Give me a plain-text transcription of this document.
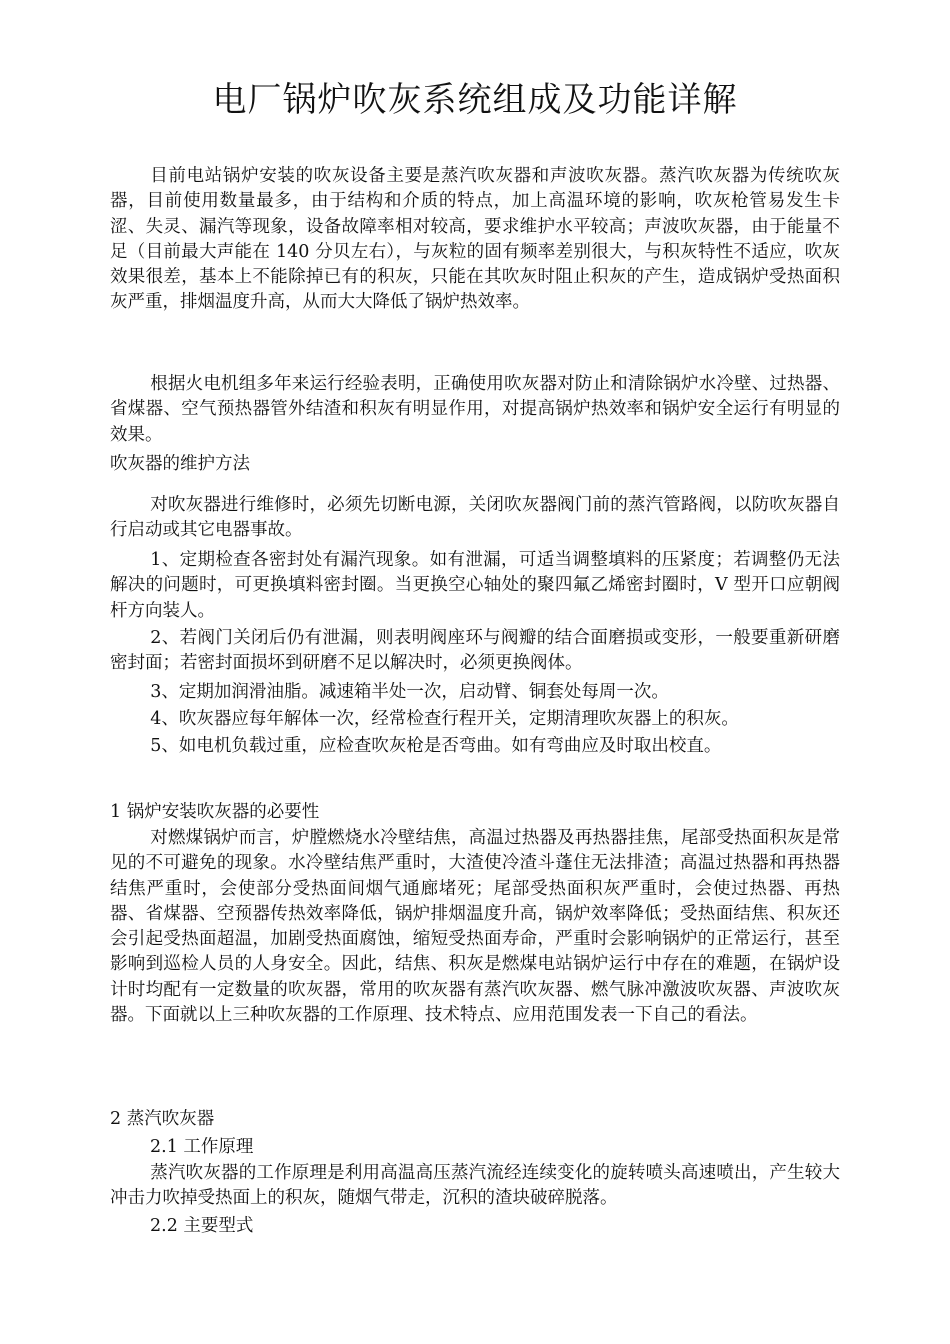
电厂锅炉吹灰系统组成及功能详解

目前电站锅炉安装的吹灰设备主要是蒸汽吹灰器和声波吹灰器。蒸汽吹灰器为传统吹灰器，目前使用数量最多，由于结构和介质的特点，加上高温环境的影响，吹灰枪管易发生卡涩、失灵、漏汽等现象，设备故障率相对较高，要求维护水平较高；声波吹灰器，由于能量不足（目前最大声能在 140 分贝左右），与灰粒的固有频率差别很大，与积灰特性不适应，吹灰效果很差，基本上不能除掉已有的积灰，只能在其吹灰时阻止积灰的产生，造成锅炉受热面积灰严重，排烟温度升高，从而大大降低了锅炉热效率。

根据火电机组多年来运行经验表明，正确使用吹灰器对防止和清除锅炉水冷壁、过热器、省煤器、空气预热器管外结渣和积灰有明显作用，对提高锅炉热效率和锅炉安全运行有明显的效果。

吹灰器的维护方法

对吹灰器进行维修时，必须先切断电源，关闭吹灰器阀门前的蒸汽管路阀，以防吹灰器自行启动或其它电器事故。

1、定期检查各密封处有漏汽现象。如有泄漏，可适当调整填料的压紧度；若调整仍无法解决的问题时，可更换填料密封圈。当更换空心轴处的聚四氟乙烯密封圈时，V 型开口应朝阀杆方向装人。

2、若阀门关闭后仍有泄漏，则表明阀座环与阀瓣的结合面磨损或变形，一般要重新研磨密封面；若密封面损坏到研磨不足以解决时，必须更换阀体。

3、定期加润滑油脂。减速箱半处一次，启动臂、铜套处每周一次。

4、吹灰器应每年解体一次，经常检查行程开关，定期清理吹灰器上的积灰。

5、如电机负载过重，应检查吹灰枪是否弯曲。如有弯曲应及时取出校直。

1 锅炉安装吹灰器的必要性

对燃煤锅炉而言，炉膛燃烧水冷壁结焦，高温过热器及再热器挂焦，尾部受热面积灰是常见的不可避免的现象。水冷壁结焦严重时，大渣使冷渣斗蓬住无法排渣；高温过热器和再热器结焦严重时，会使部分受热面间烟气通廊堵死；尾部受热面积灰严重时，会使过热器、再热器、省煤器、空预器传热效率降低，锅炉排烟温度升高，锅炉效率降低；受热面结焦、积灰还会引起受热面超温，加剧受热面腐蚀，缩短受热面寿命，严重时会影响锅炉的正常运行，甚至影响到巡检人员的人身安全。因此，结焦、积灰是燃煤电站锅炉运行中存在的难题，在锅炉设计时均配有一定数量的吹灰器，常用的吹灰器有蒸汽吹灰器、燃气脉冲激波吹灰器、声波吹灰器。下面就以上三种吹灰器的工作原理、技术特点、应用范围发表一下自己的看法。

2 蒸汽吹灰器
2.1 工作原理

蒸汽吹灰器的工作原理是利用高温高压蒸汽流经连续变化的旋转喷头高速喷出，产生较大冲击力吹掉受热面上的积灰，随烟气带走，沉积的渣块破碎脱落。

2.2 主要型式
